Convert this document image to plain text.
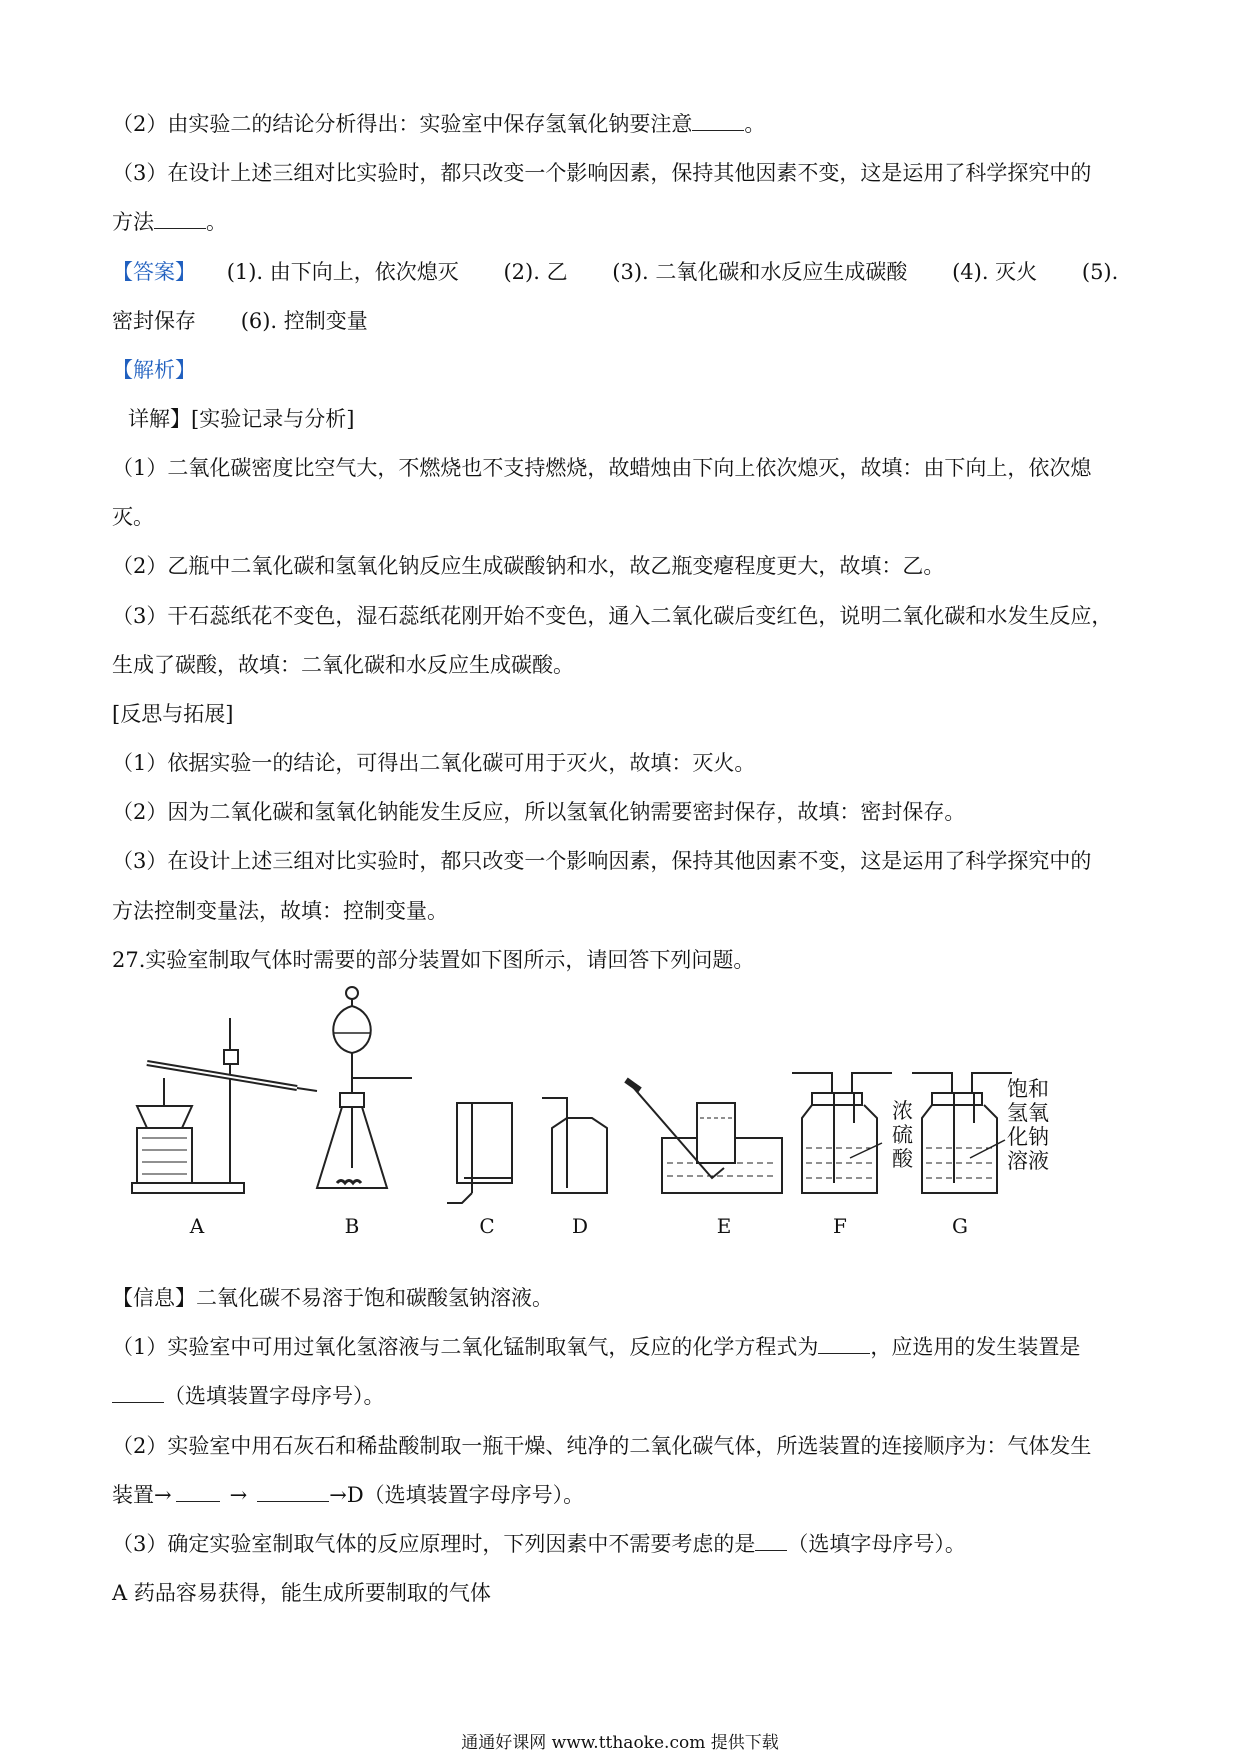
（2）由实验二的结论分析得出：实验室中保存氢氧化钠要注意 。
（3）在设计上述三组对比实验时，都只改变一个影响因素，保持其他因素不变，这是运用了科学探究中的
方法 。
【答案】 (1). 由下向上，依次熄灭 (2). 乙 (3). 二氧化碳和水反应生成碳酸 (4). 灭火 (5).
密封保存 (6). 控制变量
【解析】
详解】[实验记录与分析]
（1）二氧化碳密度比空气大，不燃烧也不支持燃烧，故蜡烛由下向上依次熄灭，故填：由下向上，依次熄
灭。
（2）乙瓶中二氧化碳和氢氧化钠反应生成碳酸钠和水，故乙瓶变瘪程度更大，故填：乙。
（3）干石蕊纸花不变色，湿石蕊纸花刚开始不变色，通入二氧化碳后变红色，说明二氧化碳和水发生反应，
生成了碳酸，故填：二氧化碳和水反应生成碳酸。
[反思与拓展]
（1）依据实验一的结论，可得出二氧化碳可用于灭火，故填：灭火。
（2）因为二氧化碳和氢氧化钠能发生反应，所以氢氧化钠需要密封保存，故填：密封保存。
（3）在设计上述三组对比实验时，都只改变一个影响因素，保持其他因素不变，这是运用了科学探究中的
方法控制变量法，故填：控制变量。
27.实验室制取气体时需要的部分装置如下图所示，请回答下列问题。
浓
硫
酸
饱和
氢氧
化钠
溶液
A	B	C	D	E	F	G
【信息】二氧化碳不易溶于饱和碳酸氢钠溶液。
（1）实验室中可用过氧化氢溶液与二氧化锰制取氧气，反应的化学方程式为 ，应选用的发生装置是
（选填装置字母序号）。
（2）实验室中用石灰石和稀盐酸制取一瓶干燥、纯净的二氧化碳气体，所选装置的连接顺序为：气体发生
装置→	→	→D（选填装置字母序号）。
（3）确定实验室制取气体的反应原理时，下列因素中不需要考虑的是 （选填字母序号）。
A 药品容易获得，能生成所要制取的气体
通通好课网 www.tthaoke.com 提供下载
